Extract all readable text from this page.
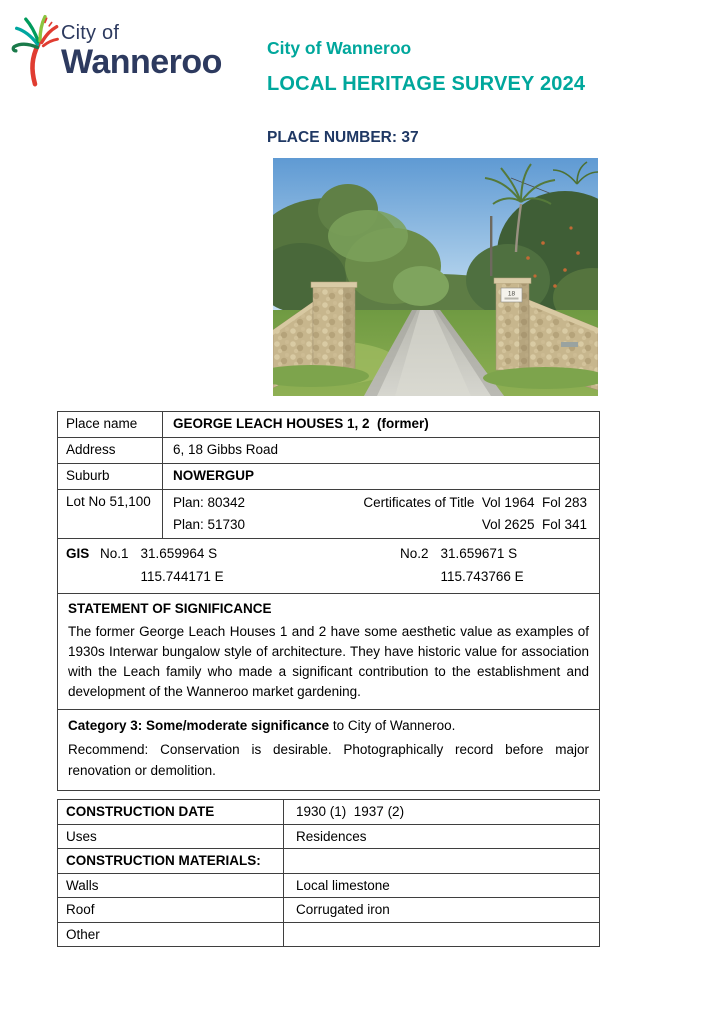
City of
Wanneroo	City of Wanneroo
LOCAL HERITAGE SURVEY 2024
PLACE NUMBER: 37
18
Place name	GEORGE LEACH HOUSES 1, 2  (former)
Address	6, 18 Gibbs Road
Suburb	NOWERGUP
Lot No 51,100	Plan: 80342	Certificates of Title  Vol 1964  Fol 283
Plan: 51730	Vol 2625  Fol 341
GIS No.1 31.659964 S
115.744171 E
No.2 31.659671 S
115.743766 E
STATEMENT OF SIGNIFICANCE
The former George Leach Houses 1 and 2 have some aesthetic value as examples of 1930s Interwar bungalow style of architecture. They have historic value for association with the Leach family who made a significant contribution to the establishment and development of the Wanneroo market gardening.
Category 3: Some/moderate significance to City of Wanneroo.
Recommend: Conservation is desirable. Photographically record before major renovation or demolition.
CONSTRUCTION DATE	1930 (1)  1937 (2)
Uses	Residences
CONSTRUCTION MATERIALS:
Walls	Local limestone
Roof	Corrugated iron
Other
